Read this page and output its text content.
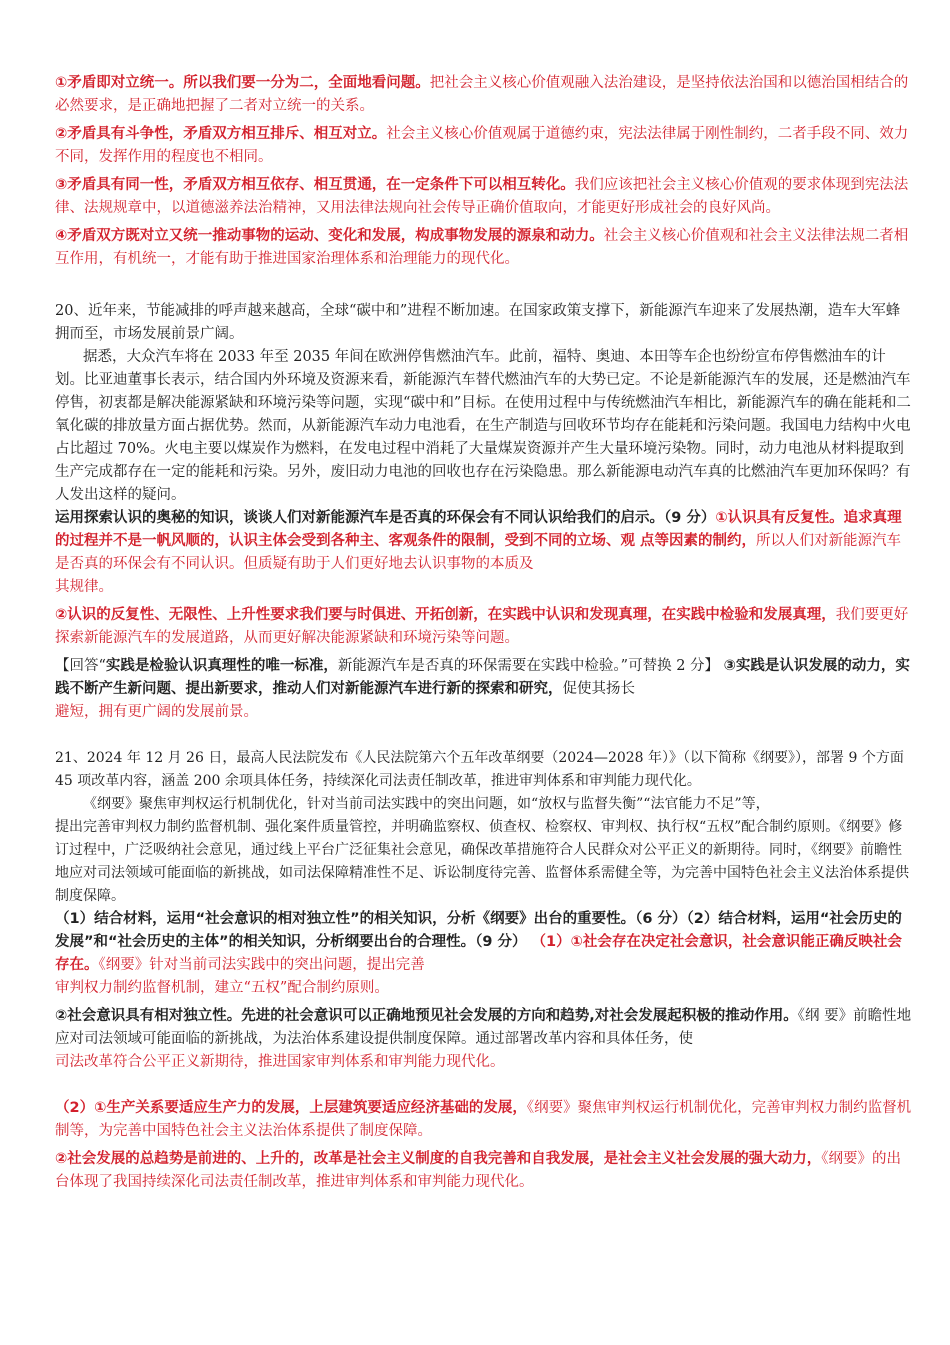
①矛盾即对立统一。所以我们要一分为二，全面地看问题。把社会主义核心价值观融入法治建设，是坚持依法治国和以德治国相结合的必然要求，是正确地把握了二者对立统一的关系。

②矛盾具有斗争性，矛盾双方相互排斥、相互对立。社会主义核心价值观属于道德约束，宪法法律属于刚性制约，二者手段不同、效力不同，发挥作用的程度也不相同。

③矛盾具有同一性，矛盾双方相互依存、相互贯通，在一定条件下可以相互转化。我们应该把社会主义核心价值观的要求体现到宪法法律、法规规章中，以道德滋养法治精神，又用法律法规向社会传导正确价值取向，才能更好形成社会的良好风尚。

④矛盾双方既对立又统一推动事物的运动、变化和发展，构成事物发展的源泉和动力。社会主义核心价值观和社会主义法律法规二者相互作用，有机统一，才能有助于推进国家治理体系和治理能力的现代化。

20、近年来，节能减排的呼声越来越高，全球“碳中和”进程不断加速。在国家政策支撑下，新能源汽车迎来了发展热潮，造车大军蜂拥而至，市场发展前景广阔。

据悉，大众汽车将在 2033 年至 2035 年间在欧洲停售燃油汽车。此前，福特、奥迪、本田等车企也纷纷宣布停售燃油车的计划。比亚迪董事长表示，结合国内外环境及资源来看，新能源汽车替代燃油汽车的大势已定。不论是新能源汽车的发展，还是燃油汽车停售，初衷都是解决能源紧缺和环境污染等问题，实现“碳中和”目标。在使用过程中与传统燃油汽车相比，新能源汽车的确在能耗和二氧化碳的排放量方面占据优势。然而，从新能源汽车动力电池看，在生产制造与回收环节均存在能耗和污染问题。我国电力结构中火电占比超过 70%。火电主要以煤炭作为燃料，在发电过程中消耗了大量煤炭资源并产生大量环境污染物。同时，动力电池从材料提取到生产完成都存在一定的能耗和污染。另外，废旧动力电池的回收也存在污染隐患。那么新能源电动汽车真的比燃油汽车更加环保吗？有人发出这样的疑问。

运用探索认识的奥秘的知识，谈谈人们对新能源汽车是否真的环保会有不同认识给我们的启示。（9 分）①认识具有反复性。追求真理的过程并不是一帆风顺的，认识主体会受到各种主、客观条件的限制，受到不同的立场、观 点等因素的制约，所以人们对新能源汽车是否真的环保会有不同认识。但质疑有助于人们更好地去认识事物的本质及

其规律。

②认识的反复性、无限性、上升性要求我们要与时俱进、开拓创新，在实践中认识和发现真理，在实践中检验和发展真理，我们要更好探索新能源汽车的发展道路，从而更好解决能源紧缺和环境污染等问题。

【回答“实践是检验认识真理性的唯一标准，新能源汽车是否真的环保需要在实践中检验。”可替换 2 分】 ③实践是认识发展的动力，实践不断产生新问题、提出新要求，推动人们对新能源汽车进行新的探索和研究，促使其扬长

避短，拥有更广阔的发展前景。

21、2024 年 12 月 26 日，最高人民法院发布《人民法院第六个五年改革纲要（2024—2028 年）》（以下简称《纲要》），部署 9 个方面 45 项改革内容，涵盖 200 余项具体任务，持续深化司法责任制改革，推进审判体系和审判能力现代化。

《纲要》聚焦审判权运行机制优化，针对当前司法实践中的突出问题，如“放权与监督失衡”“法官能力不足”等，

提出完善审判权力制约监督机制、强化案件质量管控，并明确监察权、侦查权、检察权、审判权、执行权“五权”配合制约原则。《纲要》修订过程中，广泛吸纳社会意见，通过线上平台广泛征集社会意见，确保改革措施符合人民群众对公平正义的新期待。同时，《纲要》前瞻性地应对司法领域可能面临的新挑战，如司法保障精准性不足、诉讼制度待完善、监督体系需健全等，为完善中国特色社会主义法治体系提供制度保障。

（1）结合材料，运用“社会意识的相对独立性”的相关知识，分析《纲要》出台的重要性。（6 分）（2）结合材料，运用“社会历史的发展”和“社会历史的主体”的相关知识，分析纲要出台的合理性。（9 分） （1）①社会存在决定社会意识，社会意识能正确反映社会存在。《纲要》针对当前司法实践中的突出问题，提出完善

审判权力制约监督机制，建立“五权”配合制约原则。

②社会意识具有相对独立性。先进的社会意识可以正确地预见社会发展的方向和趋势,对社会发展起积极的推动作用。《纲 要》前瞻性地应对司法领域可能面临的新挑战，为法治体系建设提供制度保障。通过部署改革内容和具体任务，使

司法改革符合公平正义新期待，推进国家审判体系和审判能力现代化。

（2）①生产关系要适应生产力的发展，上层建筑要适应经济基础的发展，《纲要》聚焦审判权运行机制优化，完善审判权力制约监督机制等，为完善中国特色社会主义法治体系提供了制度保障。

②社会发展的总趋势是前进的、上升的，改革是社会主义制度的自我完善和自我发展，是社会主义社会发展的强大动力，《纲要》的出台体现了我国持续深化司法责任制改革，推进审判体系和审判能力现代化。
